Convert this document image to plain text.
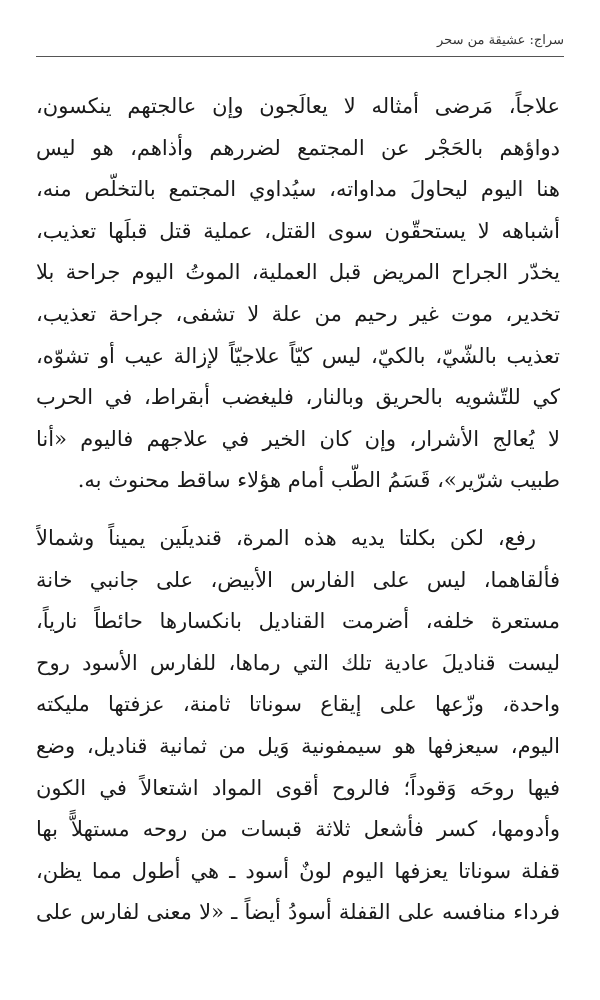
سراج: عشيقة من سحر

علاجاً، مَرضى أمثاله لا يعالَجون وإن عالجتهم ينكسون،
دواؤهم بالحَجْر عن المجتمع لضررهم وأذاهم، هو ليس
هنا اليوم ليحاولَ مداواته، سيُداوي المجتمع بالتخلّص منه،
أشباهه لا يستحقّون سوى القتل، عملية قتل قبلَها تعذيب،
يخدّر الجراح المريض قبل العملية، الموتُ اليوم جراحة بلا
تخدير، موت غير رحيم من علة لا تشفى، جراحة تعذيب،
تعذيب بالشّيّ، بالكيّ، ليس كيّاً علاجيّاً لإزالة عيب أو تشوّه،
كي للتّشويه بالحريق وبالنار، فليغضب أبقراط، في الحرب
لا يُعالج الأشرار، وإن كان الخير في علاجهم فاليوم «أنا
طبيب شرّير»، قَسَمُ الطّب أمام هؤلاء ساقط محنوث به.

رفع، لكن بكلتا يديه هذه المرة، قنديلَين يميناً وشمالاً
فألقاهما، ليس على الفارس الأبيض، على جانبي خانة
مستعرة خلفه، أضرمت القناديل بانكسارها حائطاً نارياً،
ليست قناديلَ عادية تلك التي رماها، للفارس الأسود روح
واحدة، وزّعها على إيقاع سوناتا ثامنة، عزفتها مليكته
اليوم، سيعزفها هو سيمفونية وَيل من ثمانية قناديل، وضع
فيها روحَه وَقوداً؛ فالروح أقوى المواد اشتعالاً في الكون
وأدومها، كسر فأشعل ثلاثة قبسات من روحه مستهلاًّ بها
قفلة سوناتا يعزفها اليوم لونٌ أسود ـ هي أطول مما يظن،
فرداء منافسه على القفلة أسودُ أيضاً ـ «لا معنى لفارس على
